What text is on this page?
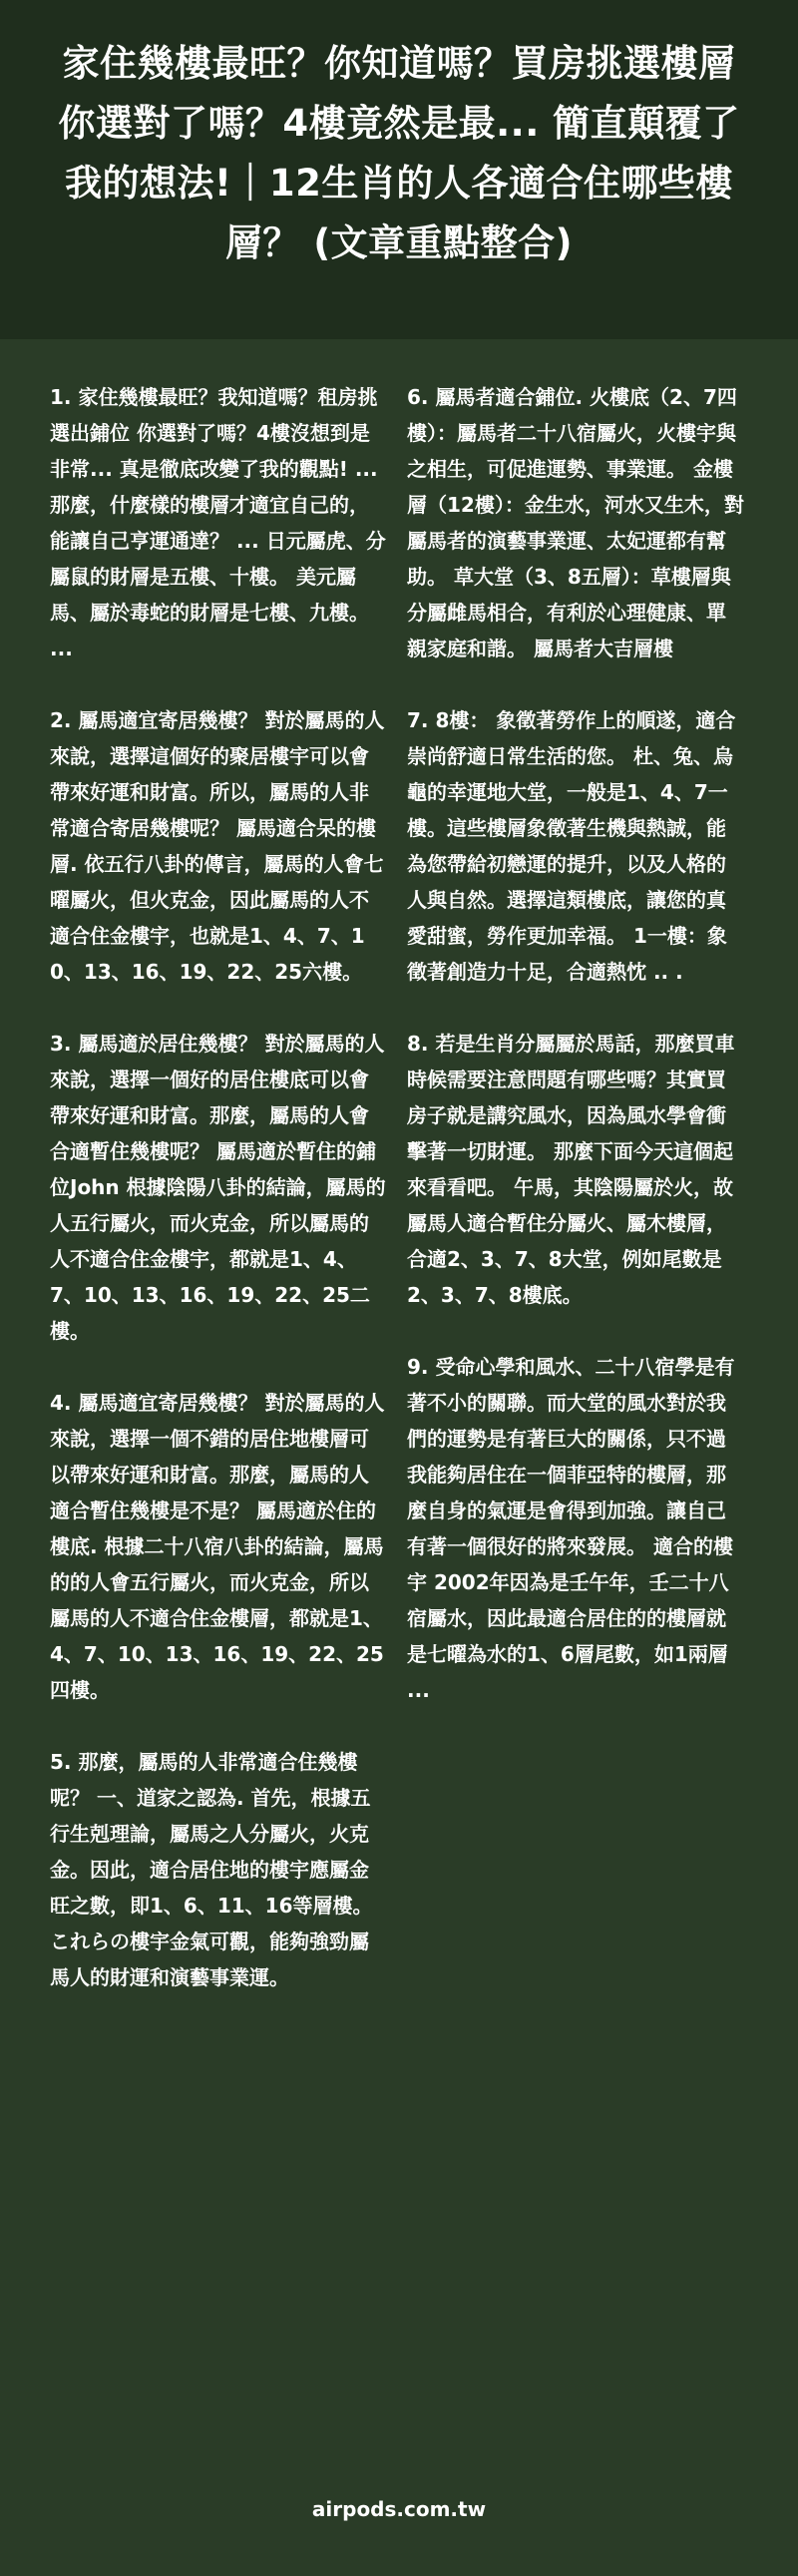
家住幾樓最旺？你知道嗎？買房挑選樓層 你選對了嗎？4樓竟然是最... 簡直顛覆了我的想法!｜12生肖的人各適合住哪些樓層？ (文章重點整合)

1. 家住幾樓最旺？我知道嗎？租房挑選出鋪位 你選對了嗎？4樓沒想到是非常... 真是徹底改變了我的觀點! ... 那麼，什麼樣的樓層才適宜自己的，能讓自己亨運通達？ ... 日元屬虎、分屬鼠的財層是五樓、十樓。 美元屬馬、屬於毒蛇的財層是七樓、九樓。 ...

2. 屬馬適宜寄居幾樓？ 對於屬馬的人來說，選擇這個好的聚居樓宇可以會帶來好運和財富。所以，屬馬的人非常適合寄居幾樓呢？ 屬馬適合呆的樓層. 依五行八卦的傳言，屬馬的人會七曜屬火，但火克金，因此屬馬的人不適合住金樓宇，也就是1、4、7、10、13、16、19、22、25六樓。

3. 屬馬適於居住幾樓？ 對於屬馬的人來說，選擇一個好的居住樓底可以會帶來好運和財富。那麼，屬馬的人會合適暫住幾樓呢？ 屬馬適於暫住的鋪位John 根據陰陽八卦的結論，屬馬的人五行屬火，而火克金，所以屬馬的人不適合住金樓宇，都就是1、4、7、10、13、16、19、22、25二樓。

4. 屬馬適宜寄居幾樓？ 對於屬馬的人來說，選擇一個不錯的居住地樓層可以帶來好運和財富。那麼，屬馬的人適合暫住幾樓是不是？ 屬馬適於住的樓底. 根據二十八宿八卦的結論，屬馬的的人會五行屬火，而火克金，所以屬馬的人不適合住金樓層，都就是1、4、7、10、13、16、19、22、25四樓。

5. 那麼，屬馬的人非常適合住幾樓呢？ 一、道家之認為. 首先，根據五行生剋理論，屬馬之人分屬火，火克金。因此，適合居住地的樓宇應屬金旺之數，即1、6、11、16等層樓。これらの樓宇金氣可觀，能夠強勁屬馬人的財運和演藝事業運。

6. 屬馬者適合鋪位. 火樓底（2、7四樓）：屬馬者二十八宿屬火，火樓宇與之相生，可促進運勢、事業運。 金樓層（12樓）：金生水，河水又生木，對屬馬者的演藝事業運、太妃運都有幫助。 草大堂（3、8五層）：草樓層與分屬雌馬相合，有利於心理健康、單親家庭和諧。 屬馬者大吉層樓

7. 8樓： 象徵著勞作上的順遂，適合崇尚舒適日常生活的您。 杜、兔、烏龜的幸運地大堂，一般是1、4、7一樓。這些樓層象徵著生機與熱誠，能為您帶給初戀運的提升，以及人格的人與自然。選擇這類樓底，讓您的真愛甜蜜，勞作更加幸福。 1一樓：象徵著創造力十足，合適熱忱 .. .

8. 若是生肖分屬屬於馬話，那麼買車時候需要注意問題有哪些嗎？其實買房子就是講究風水，因為風水學會衝擊著一切財運。 那麼下面今天這個起來看看吧。 午馬，其陰陽屬於火，故屬馬人適合暫住分屬火、屬木樓層，合適2、3、7、8大堂，例如尾數是2、3、7、8樓底。

9. 受命心學和風水、二十八宿學是有著不小的關聯。而大堂的風水對於我們的運勢是有著巨大的關係，只不過我能夠居住在一個菲亞特的樓層，那麼自身的氣運是會得到加強。讓自己有著一個很好的將來發展。 適合的樓宇 2002年因為是壬午年，壬二十八宿屬水，因此最適合居住的的樓層就是七曜為水的1、6層尾數，如1兩層 ...

airpods.com.tw
